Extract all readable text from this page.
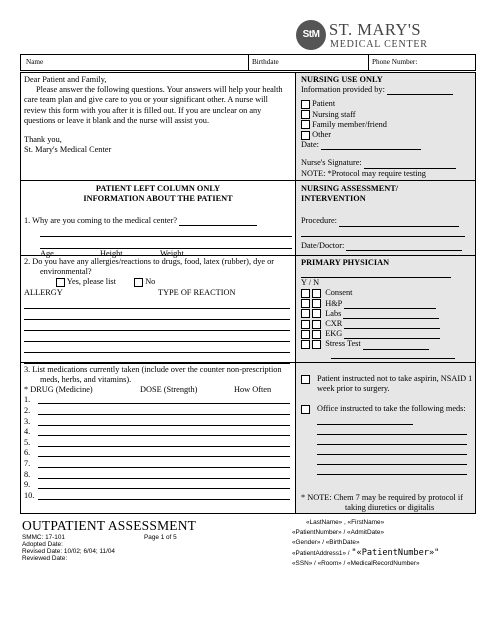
StM ST. MARY'S
MEDICAL CENTER
Name	Birthdate	Phone Number:
Dear Patient and Family,
Please answer the following questions. Your answers will help your health care team plan and give care to you or your significant other. A nurse will review this form with you after it is filled out. If you are unclear on any questions or leave it blank and the nurse will assist you.
Thank you,
St. Mary's Medical Center
NURSING USE ONLY
Information provided by:
Patient
Nursing staff
Family member/friend
Other
Date:
Nurse's Signature:
NOTE: *Protocol may require testing
PATIENT LEFT COLUMN ONLY
INFORMATION ABOUT THE PATIENT
NURSING ASSESSMENT/
INTERVENTION
Procedure:
Date/Doctor:
1. Why are you coming to the medical center?
Age	Height	Weight
2. Do you have any allergies/reactions to drugs, food, latex (rubber), dye or environmental?
Yes, please list	No
ALLERGY	TYPE OF REACTION
PRIMARY PHYSICIAN
Y / N
Consent
H&P
Labs
CXR
EKG
Stress Test
3. List medications currently taken (include over the counter non-prescription meds, herbs, and vitamins).
* DRUG (Medicine)	DOSE (Strength)	How Often
1.
2.
3.
4.
5.
6.
7.
8.
9.
10.
Patient instructed not to take aspirin, NSAID 1 week prior to surgery.
Office instructed to take the following meds:
* NOTE: Chem 7 may be required by protocol if taking diuretics or digitalis
OUTPATIENT ASSESSMENT
SMMC: 17-101	Page 1 of 5
Adopted Date:
Revised Date: 10/02; 6/04; 11/04
Reviewed Date:
«LastName» , «FirstName»
«PatientNumber» / «AdmitDate»
«Gender» / «BirthDate»
«PatientAddress1» / "«PatientNumber»"
«SSN» / «Room» / «MedicalRecordNumber»
